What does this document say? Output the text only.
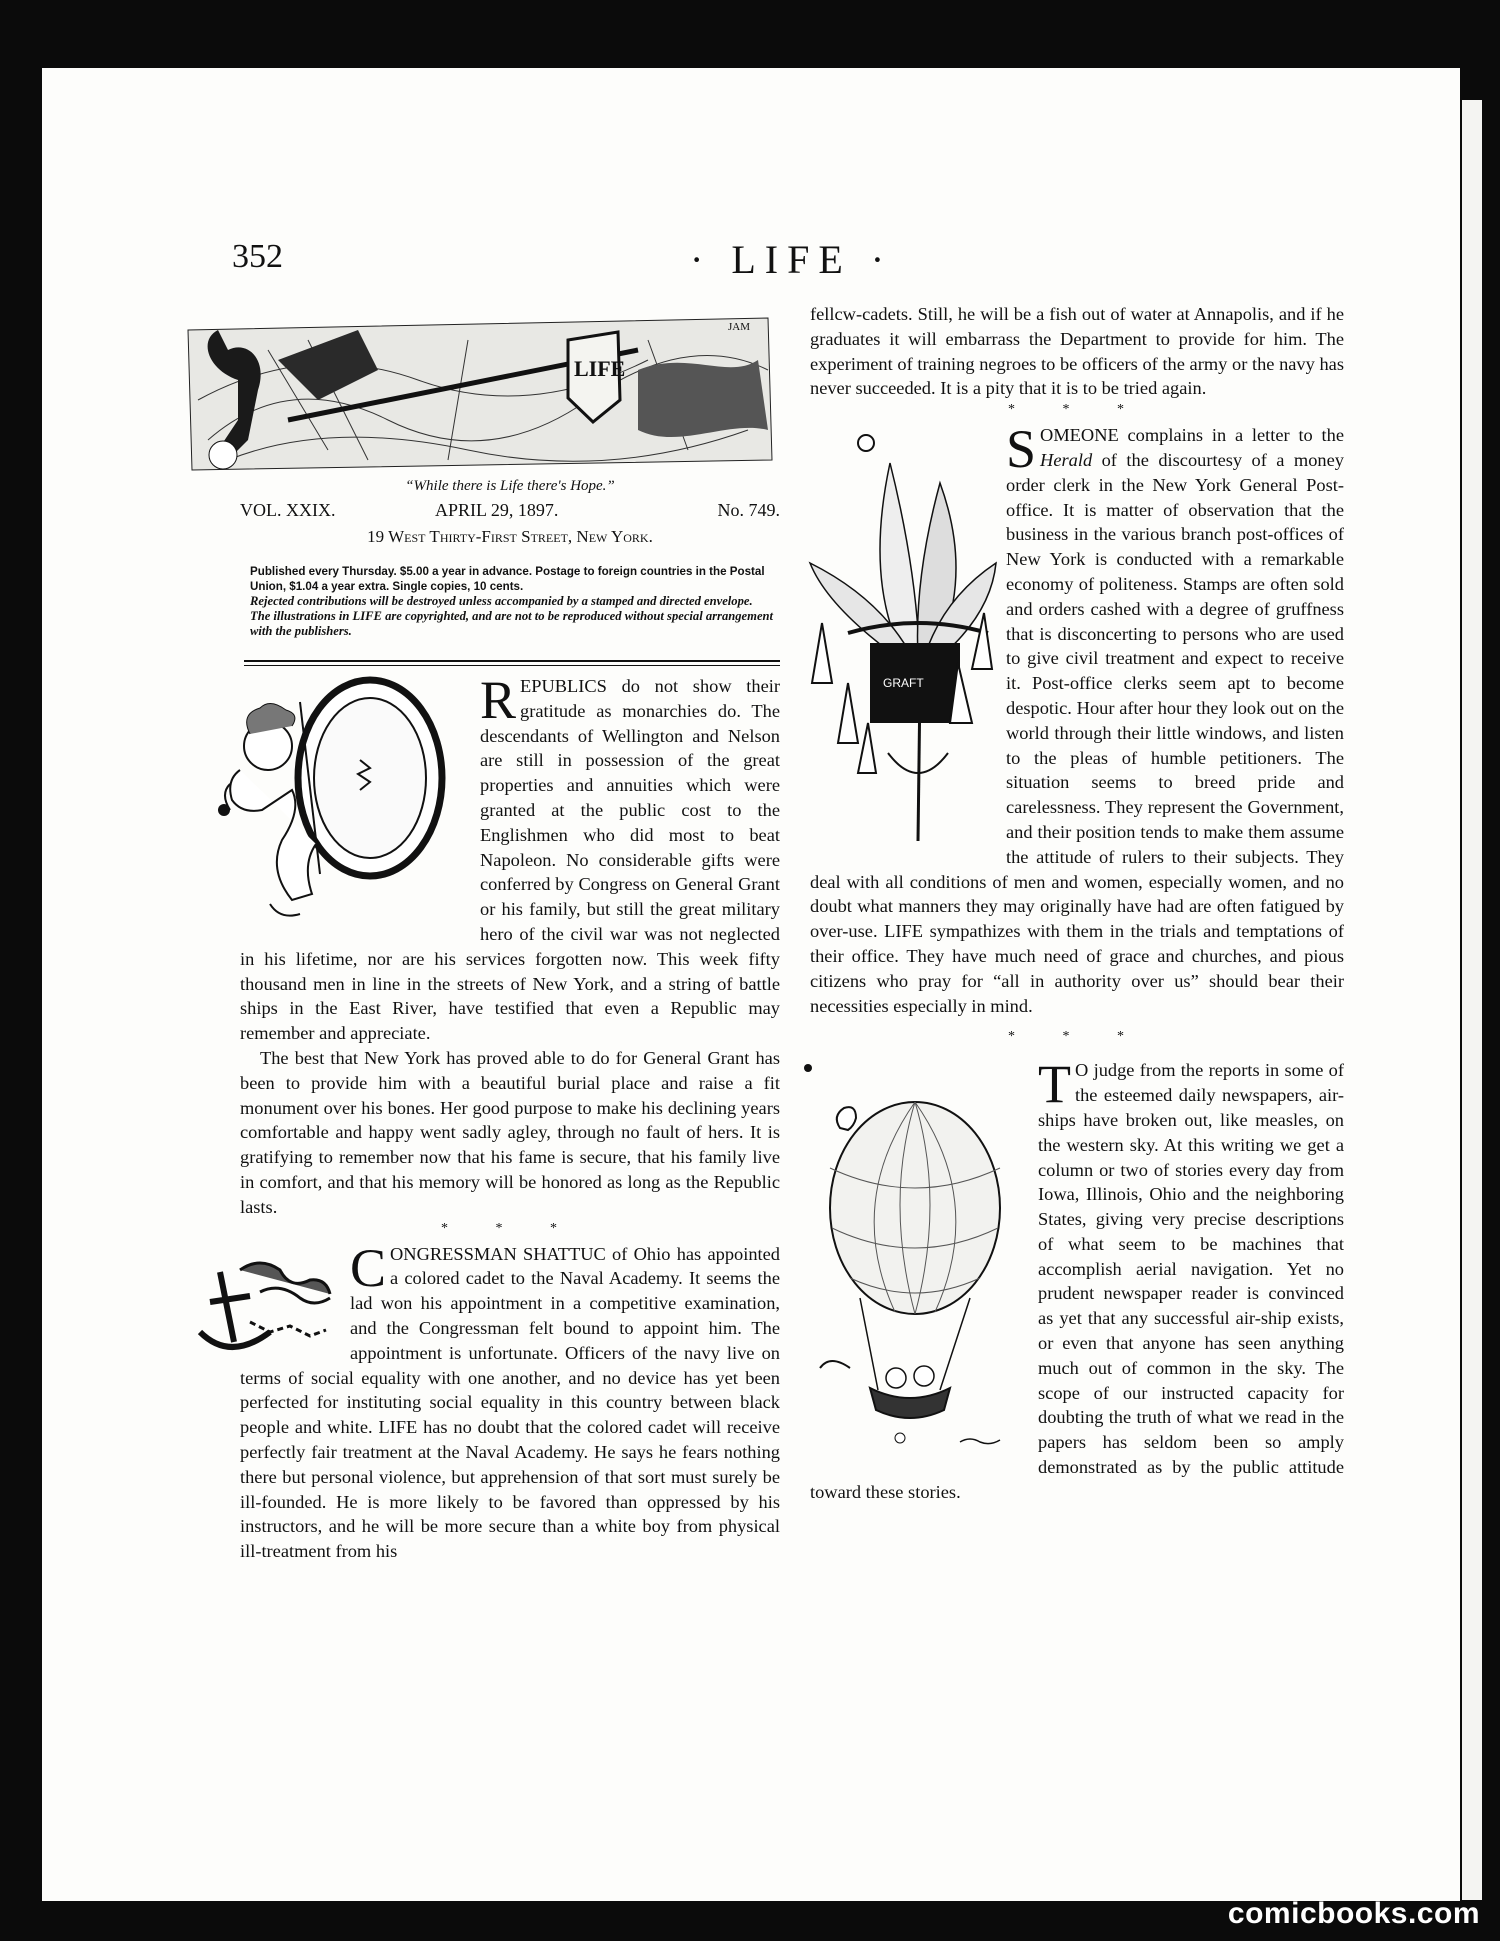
352	· LIFE ·
LIFE
JAM
“While there is Life there's Hope.”
VOL. XXIX.	APRIL 29, 1897.	No. 749.
19 West Thirty-First Street, New York.

Published every Thursday. $5.00 a year in advance. Postage to foreign countries in the Postal Union, $1.04 a year extra. Single copies, 10 cents.

Rejected contributions will be destroyed unless accompanied by a stamped and directed envelope.

The illustrations in LIFE are copyrighted, and are not to be reproduced without special arrangement with the publishers.

REPUBLICS do not show their gratitude as monarchies do. The descendants of Wellington and Nelson are still in possession of the great properties and annuities which were granted at the public cost to the Englishmen who did most to beat Napoleon. No considerable gifts were conferred by Congress on General Grant or his family, but still the great military hero of the civil war was not neglected in his lifetime, nor are his services forgotten now. This week fifty thousand men in line in the streets of New York, and a string of battle ships in the East River, have testified that even a Republic may remember and appreciate.

The best that New York has proved able to do for General Grant has been to provide him with a beautiful burial place and raise a fit monument over his bones. Her good purpose to make his declining years comfortable and happy went sadly agley, through no fault of hers. It is gratifying to remember now that his fame is secure, that his family live in comfort, and that his memory will be honored as long as the Republic lasts.

* * *
CONGRESSMAN SHATTUC of Ohio has appointed a colored cadet to the Naval Academy. It seems the lad won his appointment in a competitive examination, and the Congressman felt bound to appoint him. The appointment is unfortunate. Officers of the navy live on terms of social equality with one another, and no device has yet been perfected for instituting social equality in this country between black people and white. LIFE has no doubt that the colored cadet will receive perfectly fair treatment at the Naval Academy. He says he fears nothing there but personal violence, but apprehension of that sort must surely be ill-founded. He is more likely to be favored than oppressed by his instructors, and he will be more secure than a white boy from physical ill-treatment from his

fellcw-cadets. Still, he will be a fish out of water at Annapolis, and if he graduates it will embarrass the Department to provide for him. The experiment of training negroes to be officers of the army or the navy has never succeeded. It is a pity that it is to be tried again.

* * *
GRAFT
S OMEONE complains in a letter to the Herald of the discourtesy of a money order clerk in the New York General Post-office. It is matter of observation that the business in the various branch post-offices of New York is conducted with a remarkable economy of politeness. Stamps are often sold and orders cashed with a degree of gruffness that is disconcerting to persons who are used to give civil treatment and expect to receive it. Post-office clerks seem apt to become despotic. Hour after hour they look out on the world through their little windows, and listen to the pleas of humble petitioners. The situation seems to breed pride and carelessness. They represent the Government, and their position tends to make them assume the attitude of rulers to their subjects. They deal with all conditions of men and women, especially women, and no doubt what manners they may originally have had are often fatigued by over-use. LIFE sympathizes with them in the trials and temptations of their office. They have much need of grace and churches, and pious citizens who pray for “all in authority over us” should bear their necessities especially in mind.
* * *
T O judge from the reports in some of the esteemed daily newspapers, air-ships have broken out, like measles, on the western sky. At this writing we get a column or two of stories every day from Iowa, Illinois, Ohio and the neighboring States, giving very precise descriptions of what seem to be machines that accomplish aerial navigation. Yet no prudent newspaper reader is convinced as yet that any successful air-ship exists, or even that anyone has seen anything much out of common in the sky. The scope of our instructed capacity for doubting the truth of what we read in the papers has seldom been so amply demonstrated as by the public attitude toward these stories.
comicbooks.com
